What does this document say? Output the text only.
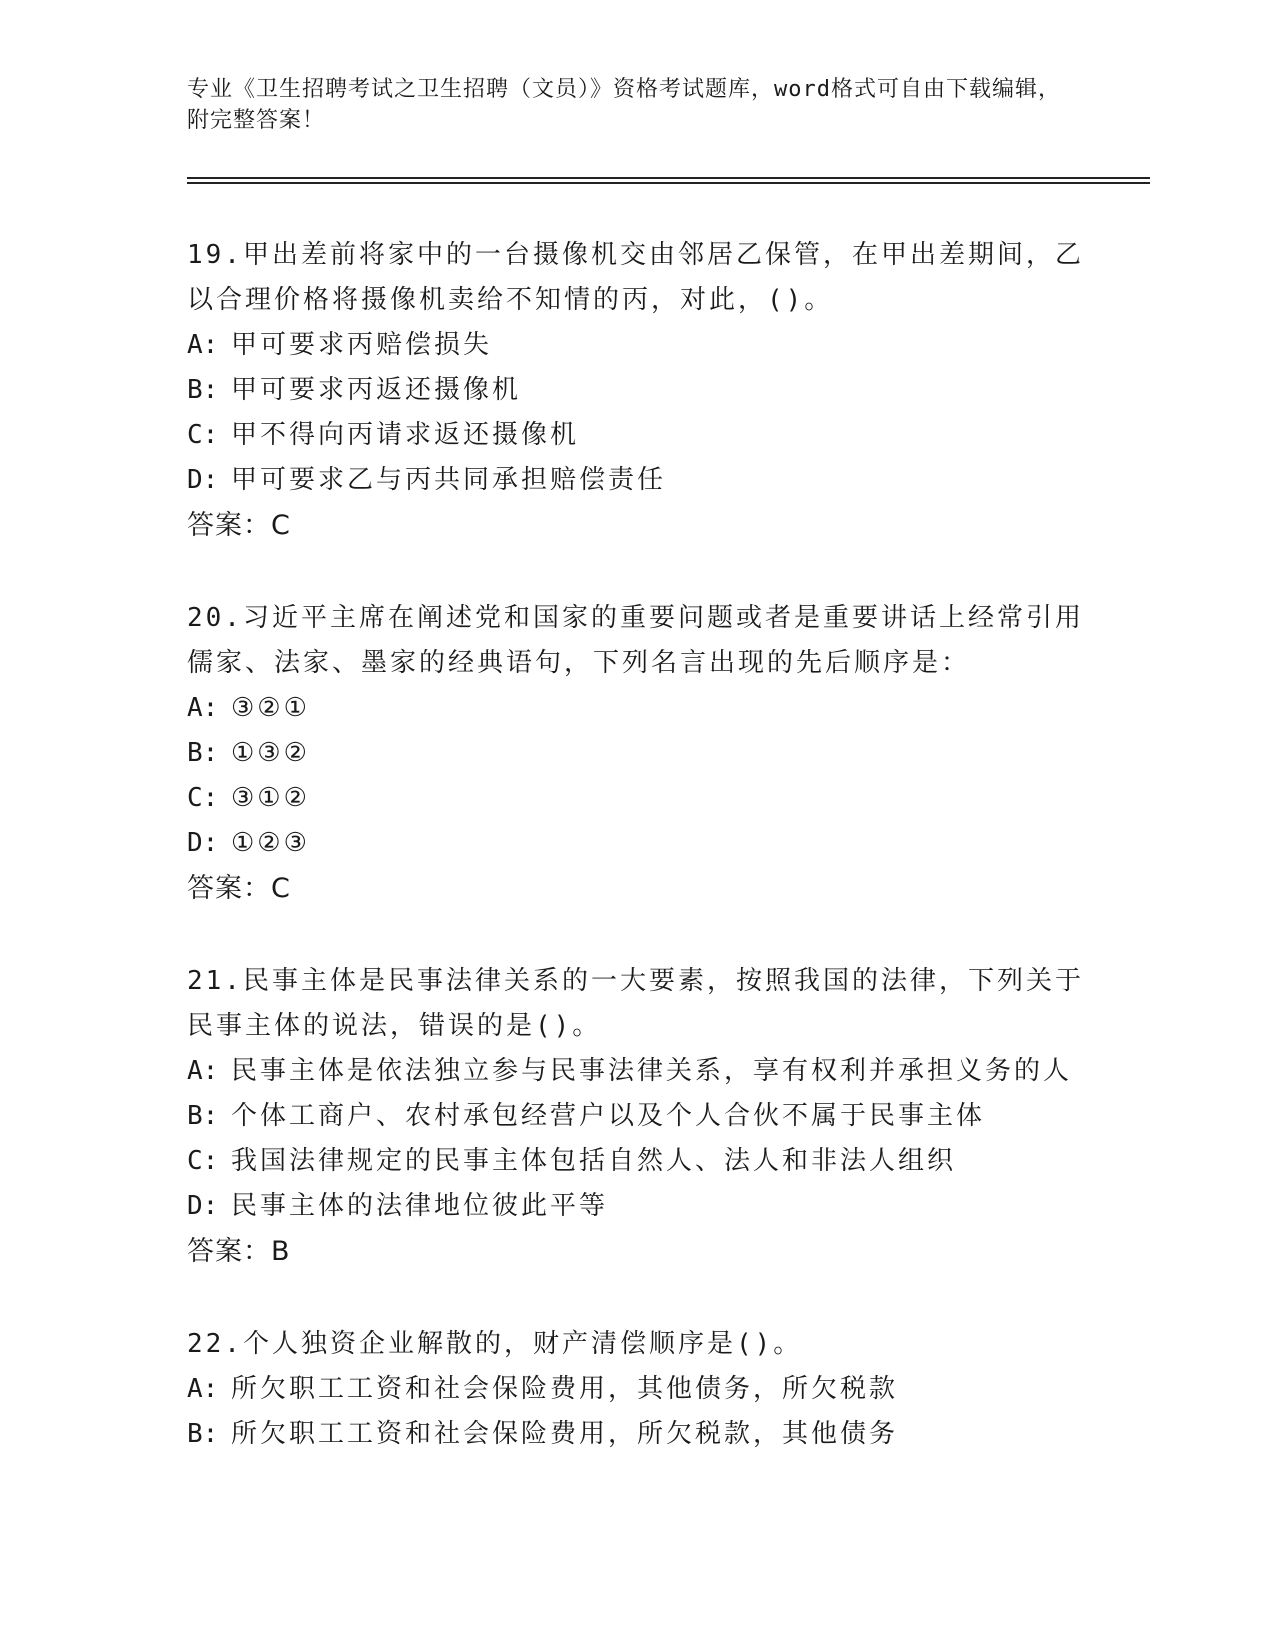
专业《卫生招聘考试之卫生招聘（文员）》资格考试题库，word格式可自由下载编辑，附完整答案！

19.甲出差前将家中的一台摄像机交由邻居乙保管，在甲出差期间，乙以合理价格将摄像机卖给不知情的丙，对此，()。

A: 甲可要求丙赔偿损失

B: 甲可要求丙返还摄像机

C: 甲不得向丙请求返还摄像机

D: 甲可要求乙与丙共同承担赔偿责任

答案：C

20.习近平主席在阐述党和国家的重要问题或者是重要讲话上经常引用儒家、法家、墨家的经典语句，下列名言出现的先后顺序是：

A: ③②①

B: ①③②

C: ③①②

D: ①②③

答案：C

21.民事主体是民事法律关系的一大要素，按照我国的法律，下列关于民事主体的说法，错误的是()。

A: 民事主体是依法独立参与民事法律关系，享有权利并承担义务的人

B: 个体工商户、农村承包经营户以及个人合伙不属于民事主体

C: 我国法律规定的民事主体包括自然人、法人和非法人组织

D: 民事主体的法律地位彼此平等

答案：B

22.个人独资企业解散的，财产清偿顺序是()。

A: 所欠职工工资和社会保险费用，其他债务，所欠税款

B: 所欠职工工资和社会保险费用，所欠税款，其他债务
